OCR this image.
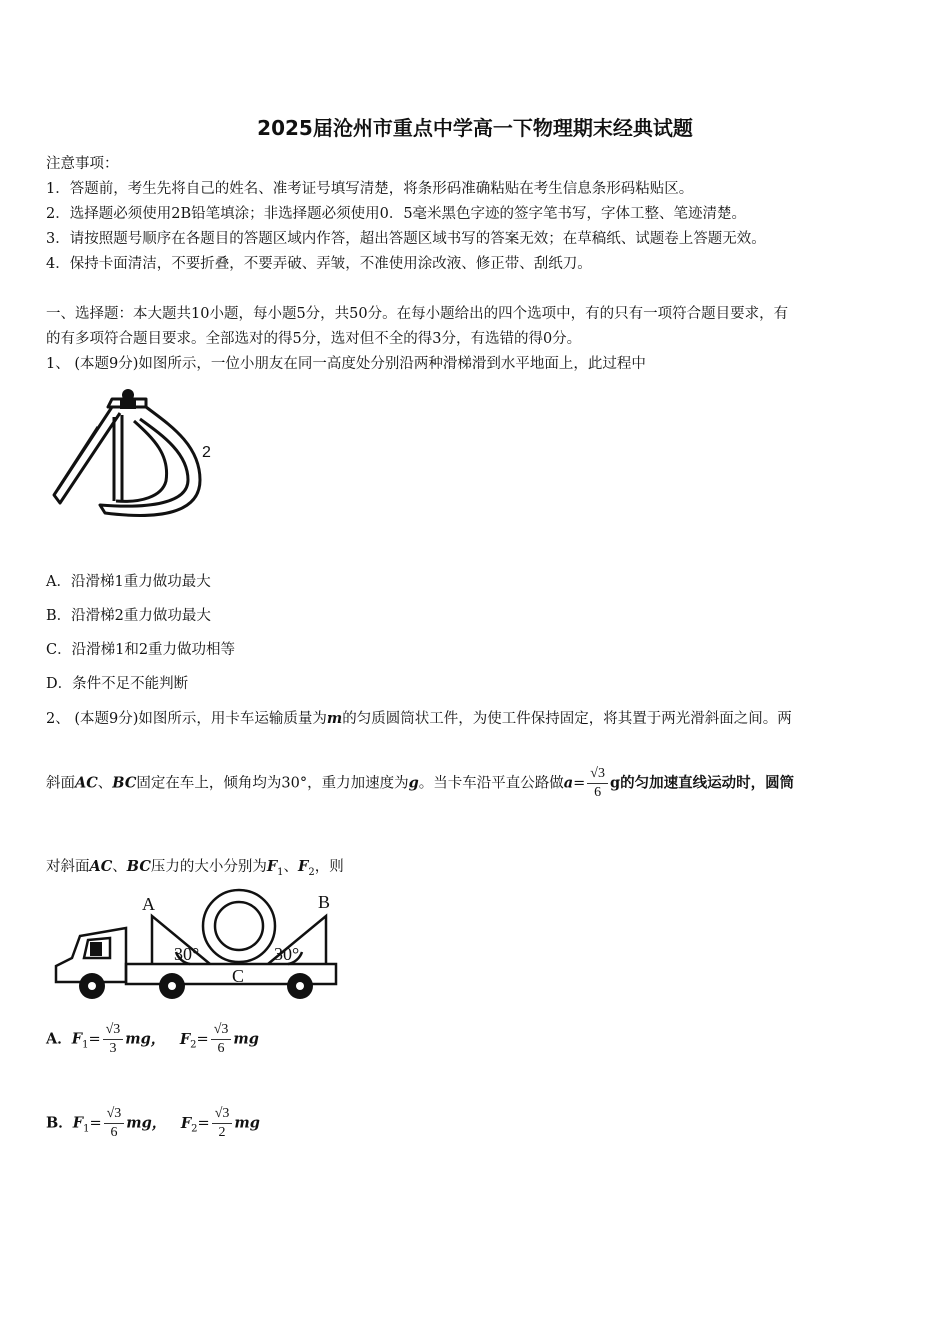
2025届沧州市重点中学高一下物理期末经典试题
注意事项：
1．答题前，考生先将自己的姓名、准考证号填写清楚，将条形码准确粘贴在考生信息条形码粘贴区。
2．选择题必须使用2B铅笔填涂；非选择题必须使用0．5毫米黑色字迹的签字笔书写，字体工整、笔迹清楚。
3．请按照题号顺序在各题目的答题区域内作答，超出答题区域书写的答案无效；在草稿纸、试题卷上答题无效。
4．保持卡面清洁，不要折叠，不要弄破、弄皱，不准使用涂改液、修正带、刮纸刀。
一、选择题：本大题共10小题，每小题5分，共50分。在每小题给出的四个选项中，有的只有一项符合题目要求，有
的有多项符合题目要求。全部选对的得5分，选对但不全的得3分，有选错的得0分。
1、 (本题9分)如图所示，一位小朋友在同一高度处分别沿两种滑梯滑到水平地面上，此过程中
2
A．沿滑梯1重力做功最大
B．沿滑梯2重力做功最大
C．沿滑梯1和2重力做功相等
D．条件不足不能判断
2、 (本题9分)如图所示，用卡车运输质量为m的匀质圆筒状工件，为使工件保持固定，将其置于两光滑斜面之间。两
斜面AC、BC固定在车上，倾角均为30°，重力加速度为g。当卡车沿平直公路做$a= \frac{√3}{6}$ g的匀加速直线运动时，圆筒
对斜面AC、BC压力的大小分别为$F_1$、$F_2$，则
A	B
C
30°	30°
A．$F_1= \frac{√3}{3}$ mg， $F_2= \frac{√3}{6}$ mg
B．$F_1= \frac{√3}{6}$ mg， $F_2= \frac{√3}{2}$ mg
